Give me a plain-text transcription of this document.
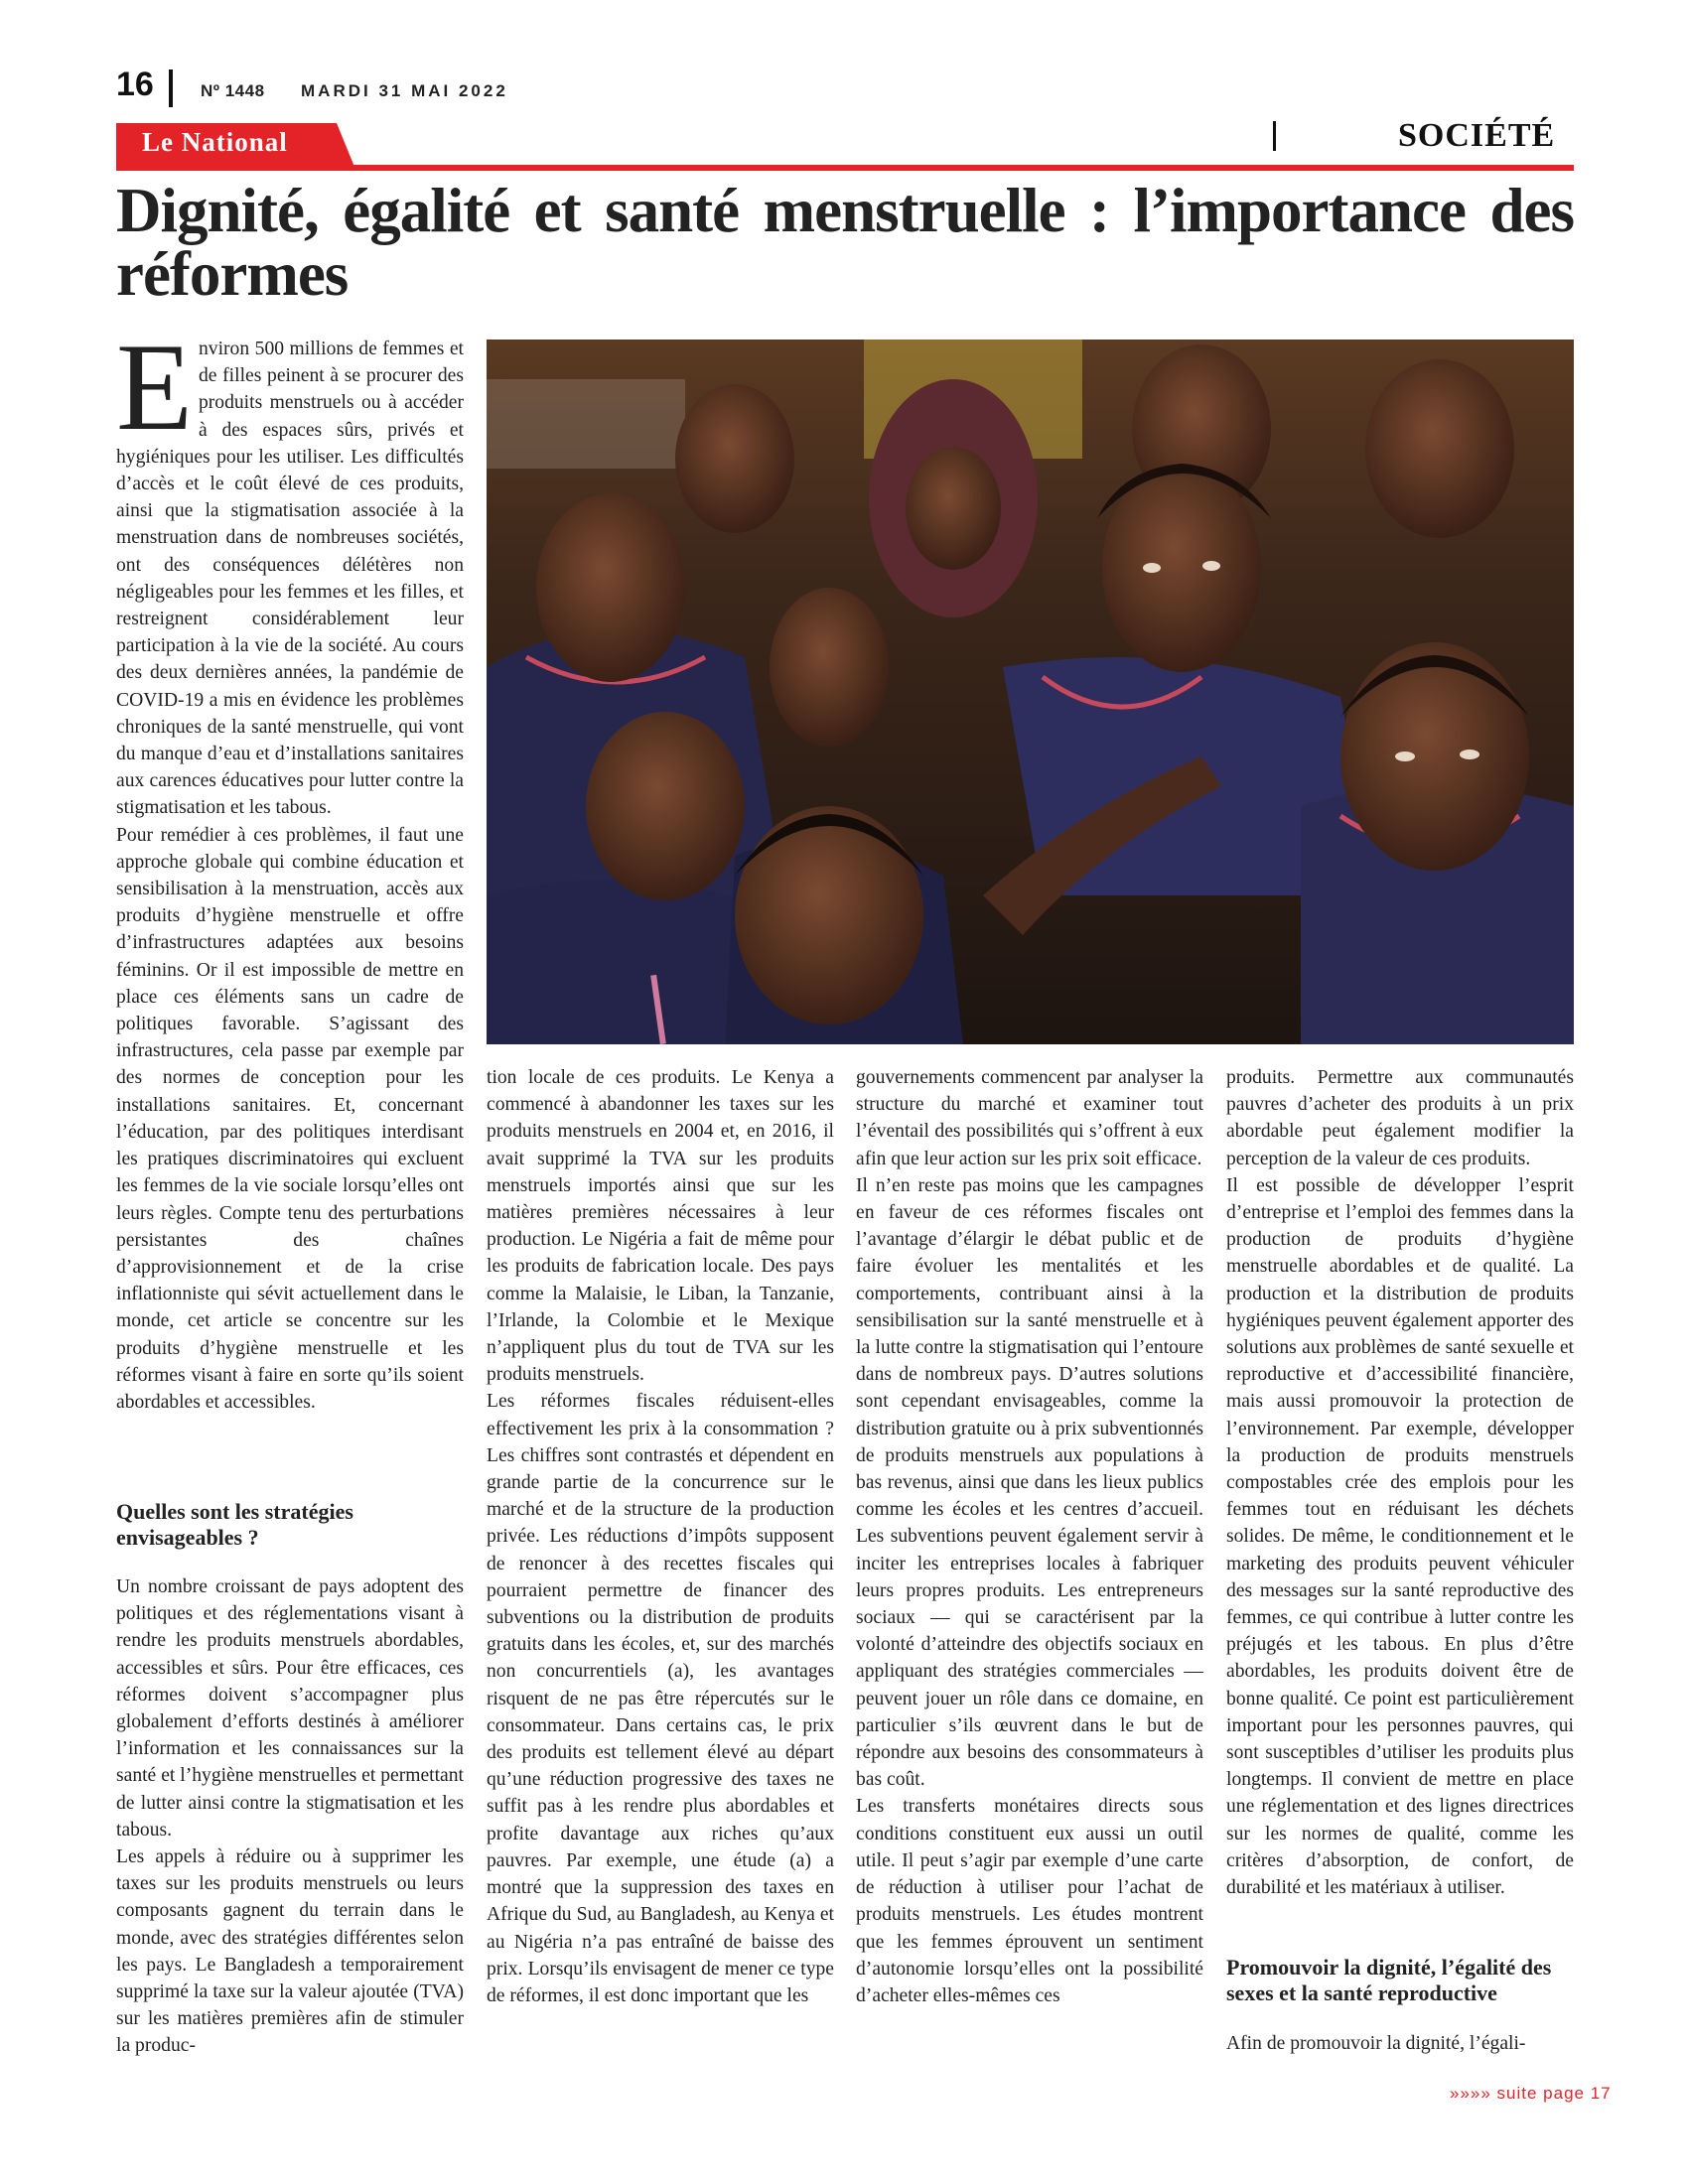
16	Nº 1448 MARDI 31 MAI 2022
Le National	SOCIÉTÉ
Dignité, égalité et santé menstruelle : l’importance des réformes
E nviron 500 millions de femmes et de filles peinent à se procurer des produits menstruels ou à accéder à des espaces sûrs, privés et hygiéniques pour les utiliser. Les difficultés d’accès et le coût élevé de ces produits, ainsi que la stigmatisation associée à la menstruation dans de nombreuses sociétés, ont des conséquences délétères non négligeables pour les femmes et les filles, et restreignent considérablement leur participation à la vie de la société. Au cours des deux dernières années, la pandémie de COVID-19 a mis en évidence les problèmes chroniques de la santé menstruelle, qui vont du manque d’eau et d’installations sanitaires aux carences éducatives pour lutter contre la stigmatisation et les tabous.

Pour remédier à ces problèmes, il faut une approche globale qui combine éducation et sensibilisation à la menstruation, accès aux produits d’hygiène menstruelle et offre d’infrastructures adaptées aux besoins féminins. Or il est impossible de mettre en place ces éléments sans un cadre de politiques favorable. S’agissant des infrastructures, cela passe par exemple par des normes de conception pour les installations sanitaires. Et, concernant l’éducation, par des politiques interdisant les pratiques discriminatoires qui excluent les femmes de la vie sociale lorsqu’elles ont leurs règles. Compte tenu des perturbations persistantes des chaînes d’approvisionnement et de la crise inflationniste qui sévit actuellement dans le monde, cet article se concentre sur les produits d’hygiène menstruelle et les réformes visant à faire en sorte qu’ils soient abordables et accessibles.

Quelles sont les stratégies envisageables ?

Un nombre croissant de pays adoptent des politiques et des réglementations visant à rendre les produits menstruels abordables, accessibles et sûrs. Pour être efficaces, ces réformes doivent s’accompagner plus globalement d’efforts destinés à améliorer l’information et les connaissances sur la santé et l’hygiène menstruelles et permettant de lutter ainsi contre la stigmatisation et les tabous.

Les appels à réduire ou à supprimer les taxes sur les produits menstruels ou leurs composants gagnent du terrain dans le monde, avec des stratégies différentes selon les pays. Le Bangladesh a temporairement supprimé la taxe sur la valeur ajoutée (TVA) sur les matières premières afin de stimuler la produc-

tion locale de ces produits. Le Kenya a commencé à abandonner les taxes sur les produits menstruels en 2004 et, en 2016, il avait supprimé la TVA sur les produits menstruels importés ainsi que sur les matières premières nécessaires à leur production. Le Nigéria a fait de même pour les produits de fabrication locale. Des pays comme la Malaisie, le Liban, la Tanzanie, l’Irlande, la Colombie et le Mexique n’appliquent plus du tout de TVA sur les produits menstruels.

Les réformes fiscales réduisent-elles effectivement les prix à la consommation ? Les chiffres sont contrastés et dépendent en grande partie de la concurrence sur le marché et de la structure de la production privée. Les réductions d’impôts supposent de renoncer à des recettes fiscales qui pourraient permettre de financer des subventions ou la distribution de produits gratuits dans les écoles, et, sur des marchés non concurrentiels (a), les avantages risquent de ne pas être répercutés sur le consommateur. Dans certains cas, le prix des produits est tellement élevé au départ qu’une réduction progressive des taxes ne suffit pas à les rendre plus abordables et profite davantage aux riches qu’aux pauvres. Par exemple, une étude (a) a montré que la suppression des taxes en Afrique du Sud, au Bangladesh, au Kenya et au Nigéria n’a pas entraîné de baisse des prix. Lorsqu’ils envisagent de mener ce type de réformes, il est donc important que les

gouvernements commencent par analyser la structure du marché et examiner tout l’éventail des possibilités qui s’offrent à eux afin que leur action sur les prix soit efficace.

Il n’en reste pas moins que les campagnes en faveur de ces réformes fiscales ont l’avantage d’élargir le débat public et de faire évoluer les mentalités et les comportements, contribuant ainsi à la sensibilisation sur la santé menstruelle et à la lutte contre la stigmatisation qui l’entoure dans de nombreux pays. D’autres solutions sont cependant envisageables, comme la distribution gratuite ou à prix subventionnés de produits menstruels aux populations à bas revenus, ainsi que dans les lieux publics comme les écoles et les centres d’accueil. Les subventions peuvent également servir à inciter les entreprises locales à fabriquer leurs propres produits. Les entrepreneurs sociaux — qui se caractérisent par la volonté d’atteindre des objectifs sociaux en appliquant des stratégies commerciales — peuvent jouer un rôle dans ce domaine, en particulier s’ils œuvrent dans le but de répondre aux besoins des consommateurs à bas coût.

Les transferts monétaires directs sous conditions constituent eux aussi un outil utile. Il peut s’agir par exemple d’une carte de réduction à utiliser pour l’achat de produits menstruels. Les études montrent que les femmes éprouvent un sentiment d’autonomie lorsqu’elles ont la possibilité d’acheter elles-mêmes ces

produits. Permettre aux communautés pauvres d’acheter des produits à un prix abordable peut également modifier la perception de la valeur de ces produits.

Il est possible de développer l’esprit d’entreprise et l’emploi des femmes dans la production de produits d’hygiène menstruelle abordables et de qualité. La production et la distribution de produits hygiéniques peuvent également apporter des solutions aux problèmes de santé sexuelle et reproductive et d’accessibilité financière, mais aussi promouvoir la protection de l’environnement. Par exemple, développer la production de produits menstruels compostables crée des emplois pour les femmes tout en réduisant les déchets solides. De même, le conditionnement et le marketing des produits peuvent véhiculer des messages sur la santé reproductive des femmes, ce qui contribue à lutter contre les préjugés et les tabous. En plus d’être abordables, les produits doivent être de bonne qualité. Ce point est particulièrement important pour les personnes pauvres, qui sont susceptibles d’utiliser les produits plus longtemps. Il convient de mettre en place une réglementation et des lignes directrices sur les normes de qualité, comme les critères d’absorption, de confort, de durabilité et les matériaux à utiliser.

Promouvoir la dignité, l’égalité des sexes et la santé reproductive

Afin de promouvoir la dignité, l’égali-

»»»» suite page 17
